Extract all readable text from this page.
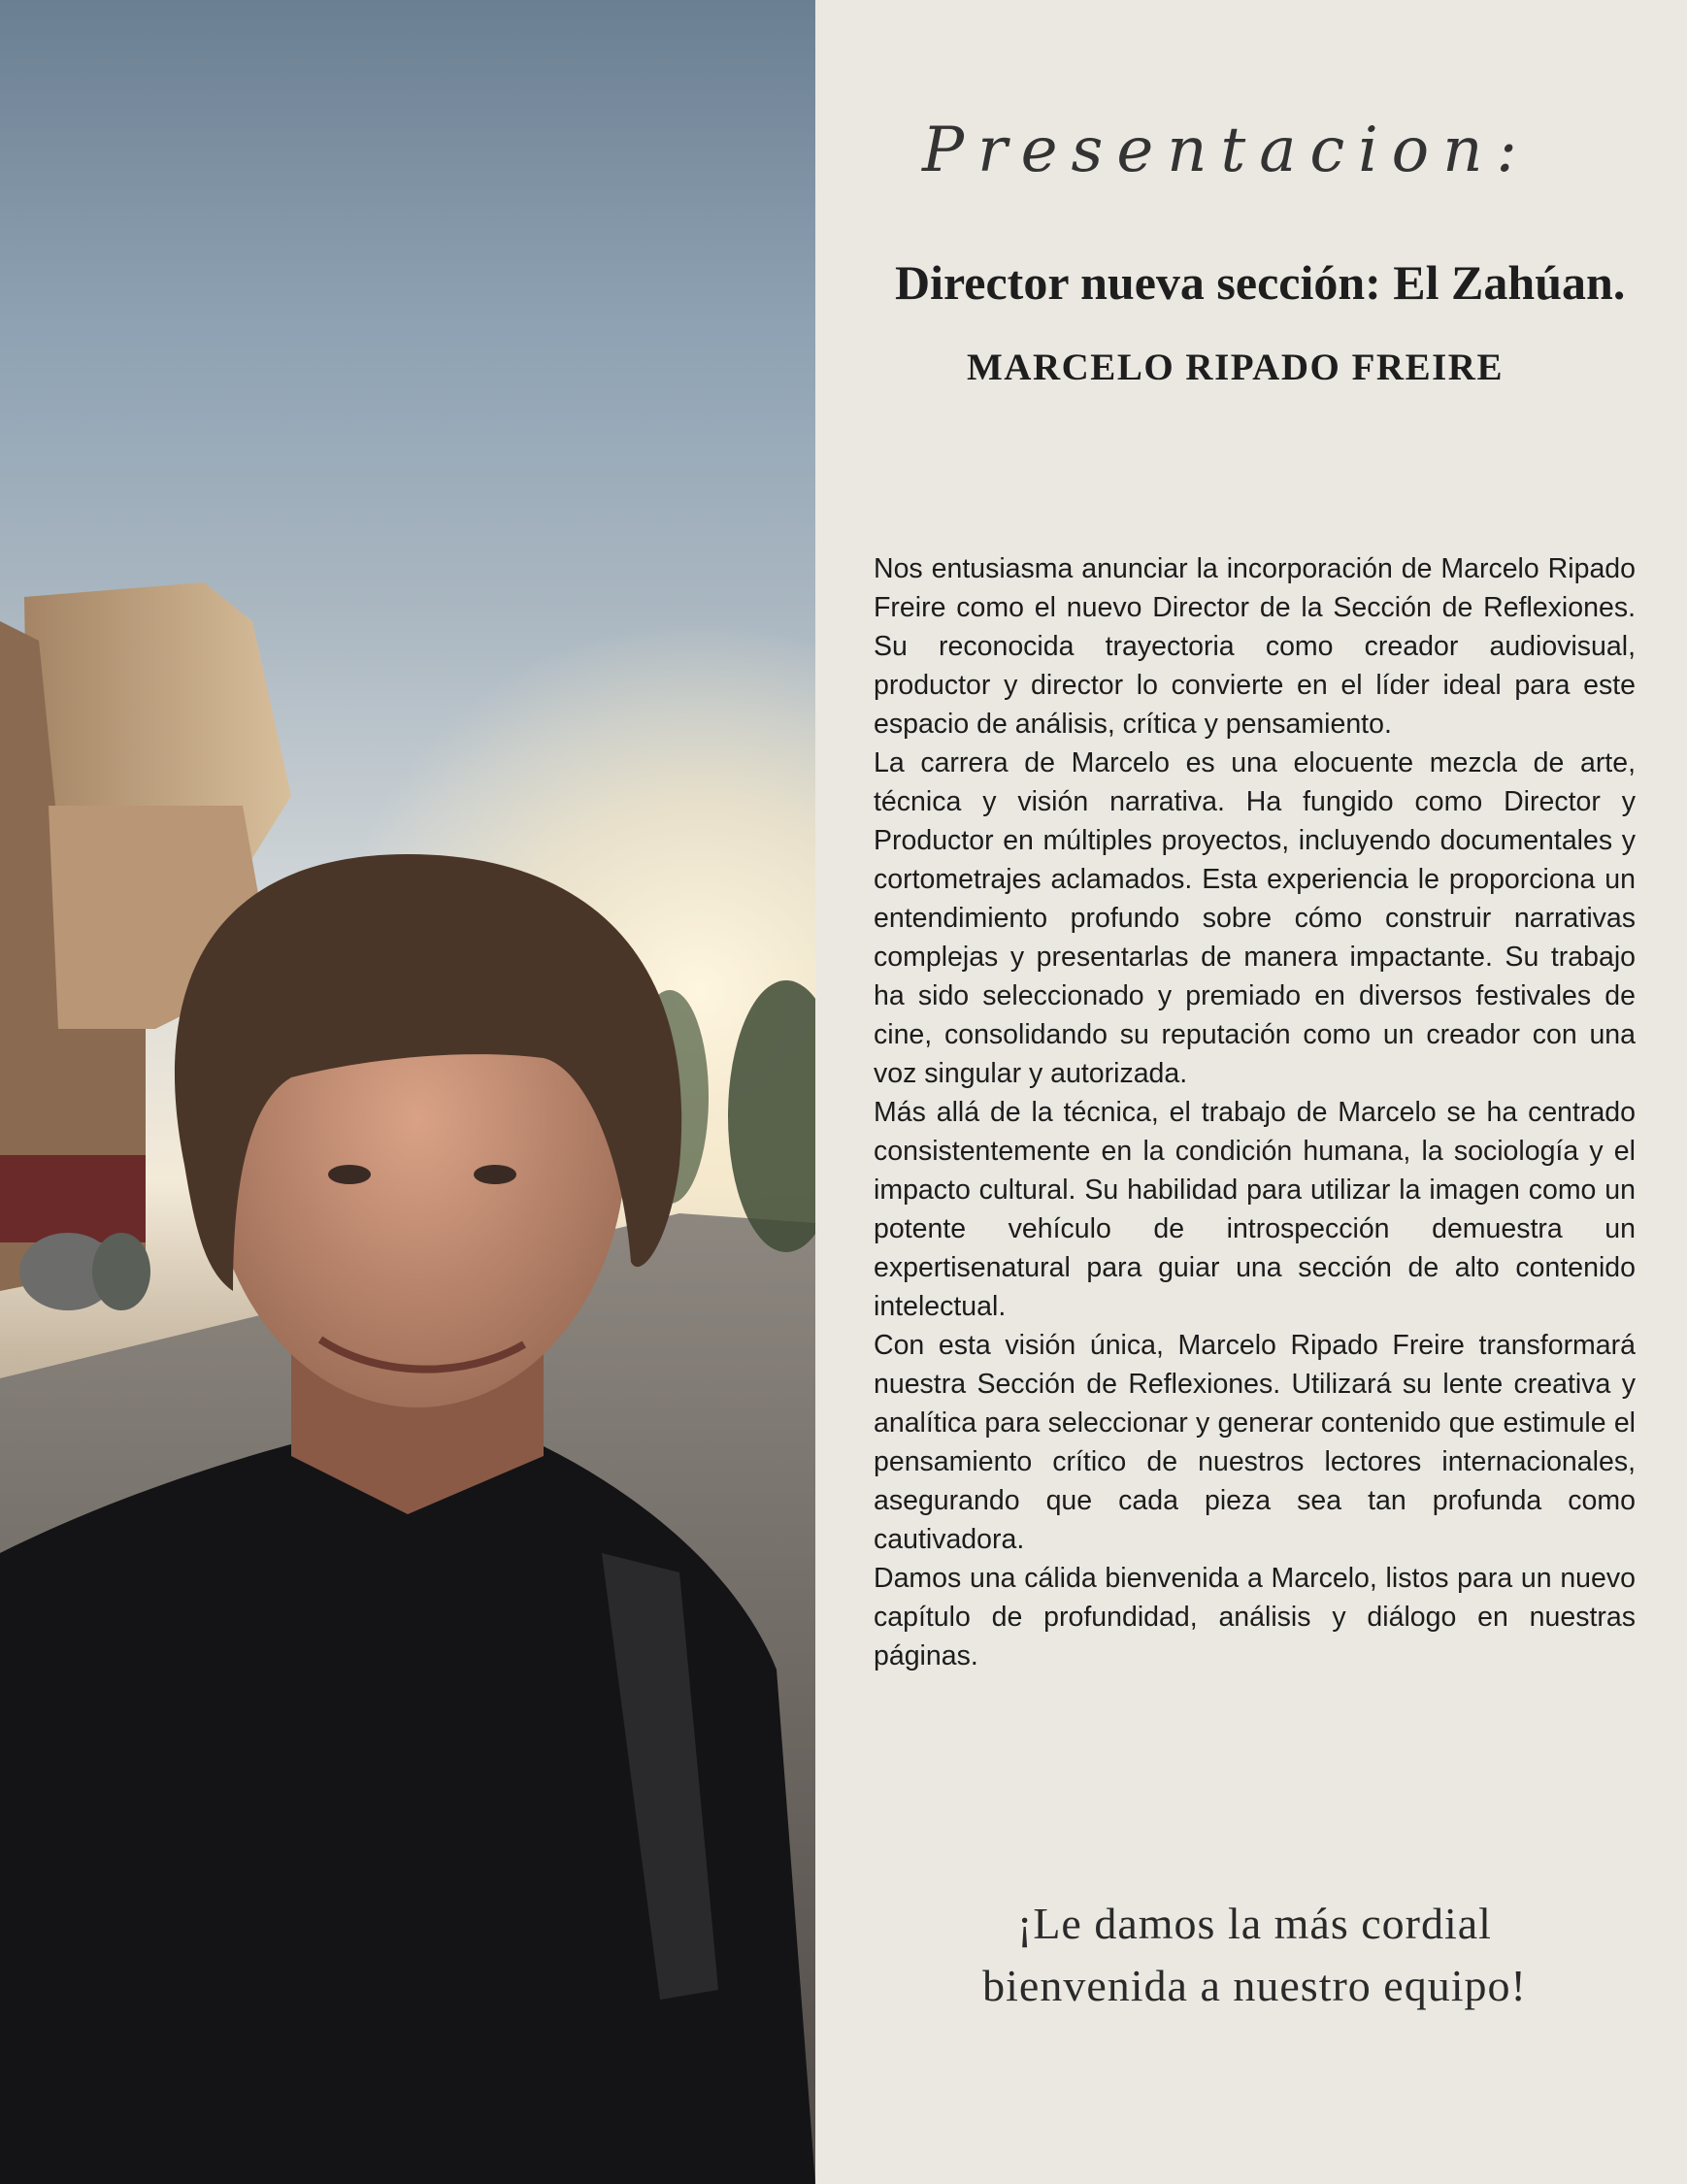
Presentacion:
Director nueva sección: El Zahúan.
MARCELO RIPADO FREIRE

Nos entusiasma anunciar la incorporación de Marcelo Ripado Freire como el nuevo Director de la Sección de Reflexiones. Su reconocida trayectoria como creador audiovisual, productor y director lo convierte en el líder ideal para este espacio de análisis, crítica y pensamiento.

La carrera de Marcelo es una elocuente mezcla de arte, técnica y visión narrativa. Ha fungido como Director y Productor en múltiples proyectos, incluyendo documentales y cortometrajes aclamados. Esta experiencia le proporciona un entendimiento profundo sobre cómo construir narrativas complejas y presentarlas de manera impactante. Su trabajo ha sido seleccionado y premiado en diversos festivales de cine, consolidando su reputación como un creador con una voz singular y autorizada.

Más allá de la técnica, el trabajo de Marcelo se ha centrado consistentemente en la condición humana, la sociología y el impacto cultural. Su habilidad para utilizar la imagen como un potente vehículo de introspección demuestra un expertisenatural para guiar una sección de alto contenido intelectual.

Con esta visión única, Marcelo Ripado Freire transformará nuestra Sección de Reflexiones. Utilizará su lente creativa y analítica para seleccionar y generar contenido que estimule el pensamiento crítico de nuestros lectores internacionales, asegurando que cada pieza sea tan profunda como cautivadora.

Damos una cálida bienvenida a Marcelo, listos para un nuevo capítulo de profundidad, análisis y diálogo en nuestras páginas.

¡Le damos la más cordial
bienvenida a nuestro equipo!
